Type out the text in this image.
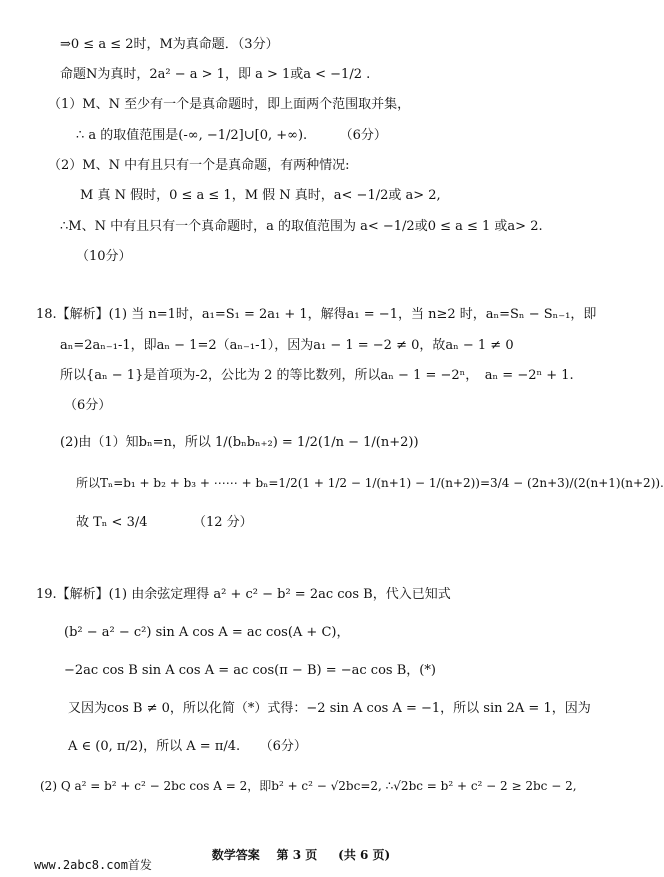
⇒0 ≤ a ≤ 2时，M为真命题．（3分）
命题N为真时，2a² − a > 1，即 a > 1或a < −1/2 .
（1）M、N 至少有一个是真命题时，即上面两个范围取并集，
∴ a 的取值范围是(-∞, −1/2]∪[0, +∞).　　　（6分）
（2）M、N 中有且只有一个是真命题，有两种情况:
M 真 N 假时，0 ≤ a ≤ 1，M 假 N 真时，a< −1/2或 a> 2,
∴M、N 中有且只有一个真命题时，a 的取值范围为 a< −1/2或0 ≤ a ≤ 1 或a> 2.
（10分）
18.【解析】(1) 当 n=1时，a₁=S₁ = 2a₁ + 1，解得a₁ = −1，当 n≥2 时，aₙ=Sₙ − Sₙ₋₁，即
aₙ=2aₙ₋₁-1，即aₙ − 1=2（aₙ₋₁-1），因为a₁ − 1 = −2 ≠ 0，故aₙ − 1 ≠ 0
所以{aₙ − 1}是首项为-2，公比为 2 的等比数列，所以aₙ − 1 = −2ⁿ，　aₙ = −2ⁿ + 1.
（6分）
(2)由（1）知bₙ=n，所以 1/(bₙbₙ₊₂) = 1/2(1/n − 1/(n+2))
所以Tₙ=b₁ + b₂ + b₃ + ⋯⋯ + bₙ=1/2(1 + 1/2 − 1/(n+1) − 1/(n+2))=3/4 − (2n+3)/(2(n+1)(n+2)).
故 Tₙ < 3/4　　　　（12 分）
19.【解析】(1) 由余弦定理得 a² + c² − b² = 2ac cos B，代入已知式
(b² − a² − c²) sin A cos A = ac cos(A + C)，
−2ac cos B sin A cos A = ac cos(π − B) = −ac cos B，(*)
又因为cos B ≠ 0，所以化简（*）式得：−2 sin A cos A = −1，所以 sin 2A = 1，因为
A ∈ (0, π/2)，所以 A = π/4.　　（6分）
(2) Q a² = b² + c² − 2bc cos A = 2，即b² + c² − √2bc=2, ∴√2bc = b² + c² − 2 ≥ 2bc − 2,
数学答案 第 3 页 (共 6 页)
www.2abc8.com首发
